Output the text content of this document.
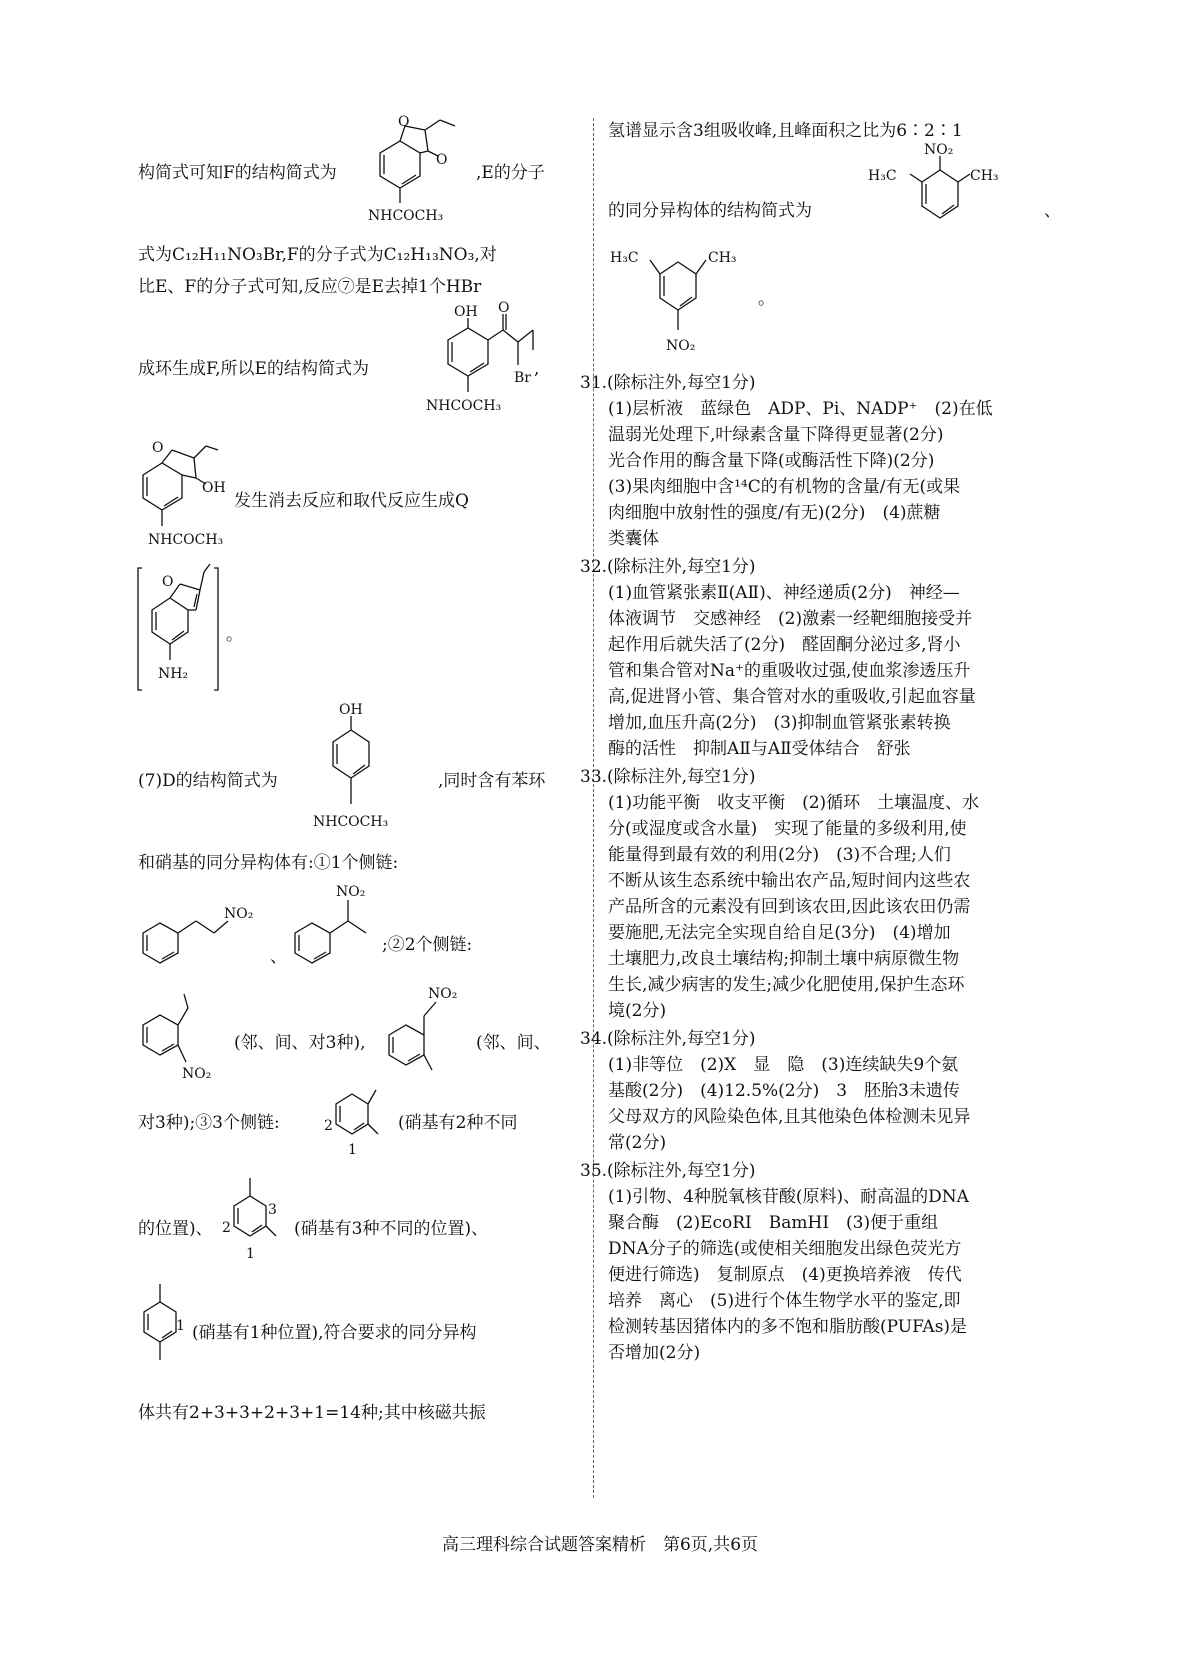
O
O
NHCOCH₃
构简式可知F的结构简式为	,E的分子
式为C₁₂H₁₁NO₃Br,F的分子式为C₁₂H₁₃NO₃,对
比E、F的分子式可知,反应⑦是E去掉1个HBr
OH O
Br
NHCOCH₃
成环生成F,所以E的结构简式为	,
O
OH
NHCOCH₃
发生消去反应和取代反应生成Q
O
NH₂
。
OH
NHCOCH₃
(7)D的结构简式为	,同时含有苯环
和硝基的同分异构体有:①1个侧链:
NO₂
、
NO₂
;②2个侧链:
NO₂
(邻、间、对3种),
NO₂
(邻、间、
对3种);③3个侧链:	2
1
(硝基有2种不同
的位置)、
3
2
1
(硝基有3种不同的位置)、
1 (硝基有1种位置),符合要求的同分异构
体共有2+3+3+2+3+1=14种;其中核磁共振
氢谱显示含3组吸收峰,且峰面积之比为6∶2∶1
NO₂
H₃C	CH₃
的同分异构体的结构简式为	、
H₃C	CH₃
NO₂
。
31.(除标注外,每空1分)
(1)层析液　蓝绿色　ADP、Pi、NADP⁺　(2)在低
温弱光处理下,叶绿素含量下降得更显著(2分)
光合作用的酶含量下降(或酶活性下降)(2分)
(3)果肉细胞中含¹⁴C的有机物的含量/有无(或果
肉细胞中放射性的强度/有无)(2分)　(4)蔗糖
类囊体
32.(除标注外,每空1分)
(1)血管紧张素Ⅱ(AⅡ)、神经递质(2分)　神经—
体液调节　交感神经　(2)激素一经靶细胞接受并
起作用后就失活了(2分)　醛固酮分泌过多,肾小
管和集合管对Na⁺的重吸收过强,使血浆渗透压升
高,促进肾小管、集合管对水的重吸收,引起血容量
增加,血压升高(2分)　(3)抑制血管紧张素转换
酶的活性　抑制AⅡ与AⅡ受体结合　舒张
33.(除标注外,每空1分)
(1)功能平衡　收支平衡　(2)循环　土壤温度、水
分(或湿度或含水量)　实现了能量的多级利用,使
能量得到最有效的利用(2分)　(3)不合理;人们
不断从该生态系统中输出农产品,短时间内这些农
产品所含的元素没有回到该农田,因此该农田仍需
要施肥,无法完全实现自给自足(3分)　(4)增加
土壤肥力,改良土壤结构;抑制土壤中病原微生物
生长,减少病害的发生;减少化肥使用,保护生态环
境(2分)
34.(除标注外,每空1分)
(1)非等位　(2)X　显　隐　(3)连续缺失9个氨
基酸(2分)　(4)12.5%(2分)　3　胚胎3未遗传
父母双方的风险染色体,且其他染色体检测未见异
常(2分)
35.(除标注外,每空1分)
(1)引物、4种脱氧核苷酸(原料)、耐高温的DNA
聚合酶　(2)EcoRⅠ　BamHⅠ　(3)便于重组
DNA分子的筛选(或使相关细胞发出绿色荧光方
便进行筛选)　复制原点　(4)更换培养液　传代
培养　离心　(5)进行个体生物学水平的鉴定,即
检测转基因猪体内的多不饱和脂肪酸(PUFAs)是
否增加(2分)
高三理科综合试题答案精析　第6页,共6页
